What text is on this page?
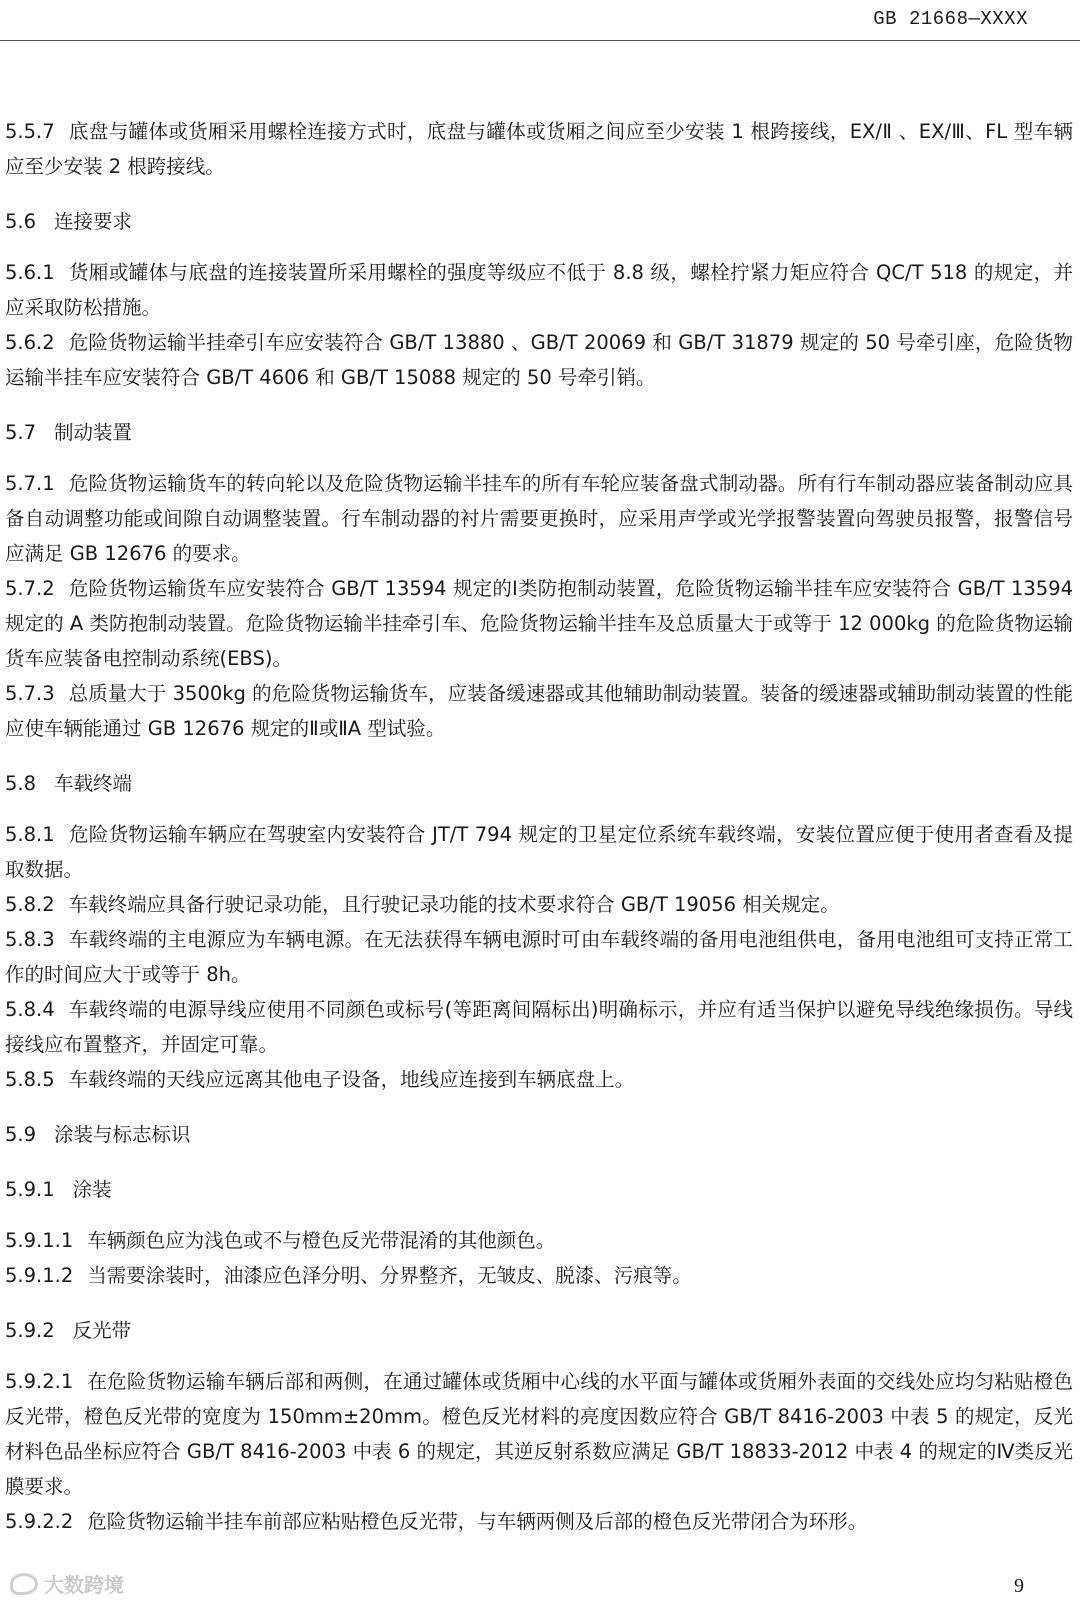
GB 21668—XXXX

5.5.7 底盘与罐体或货厢采用螺栓连接方式时，底盘与罐体或货厢之间应至少安装 1 根跨接线，EX/Ⅱ 、EX/Ⅲ、FL 型车辆应至少安装 2 根跨接线。

5.6 连接要求

5.6.1 货厢或罐体与底盘的连接装置所采用螺栓的强度等级应不低于 8.8 级，螺栓拧紧力矩应符合 QC/T 518 的规定，并应采取防松措施。

5.6.2 危险货物运输半挂牵引车应安装符合 GB/T 13880 、GB/T 20069 和 GB/T 31879 规定的 50 号牵引座，危险货物运输半挂车应安装符合 GB/T 4606 和 GB/T 15088 规定的 50 号牵引销。

5.7 制动装置

5.7.1 危险货物运输货车的转向轮以及危险货物运输半挂车的所有车轮应装备盘式制动器。所有行车制动器应装备制动应具备自动调整功能或间隙自动调整装置。行车制动器的衬片需要更换时，应采用声学或光学报警装置向驾驶员报警，报警信号应满足 GB 12676 的要求。

5.7.2 危险货物运输货车应安装符合 GB/T 13594 规定的Ⅰ类防抱制动装置，危险货物运输半挂车应安装符合 GB/T 13594 规定的 A 类防抱制动装置。危险货物运输半挂牵引车、危险货物运输半挂车及总质量大于或等于 12 000kg 的危险货物运输货车应装备电控制动系统(EBS)。

5.7.3 总质量大于 3500kg 的危险货物运输货车，应装备缓速器或其他辅助制动装置。装备的缓速器或辅助制动装置的性能应使车辆能通过 GB 12676 规定的Ⅱ或ⅡA 型试验。

5.8 车载终端

5.8.1 危险货物运输车辆应在驾驶室内安装符合 JT/T 794 规定的卫星定位系统车载终端，安装位置应便于使用者查看及提取数据。

5.8.2 车载终端应具备行驶记录功能，且行驶记录功能的技术要求符合 GB/T 19056 相关规定。

5.8.3 车载终端的主电源应为车辆电源。在无法获得车辆电源时可由车载终端的备用电池组供电，备用电池组可支持正常工作的时间应大于或等于 8h。

5.8.4 车载终端的电源导线应使用不同颜色或标号(等距离间隔标出)明确标示，并应有适当保护以避免导线绝缘损伤。导线接线应布置整齐，并固定可靠。

5.8.5 车载终端的天线应远离其他电子设备，地线应连接到车辆底盘上。

5.9 涂装与标志标识

5.9.1 涂装

5.9.1.1 车辆颜色应为浅色或不与橙色反光带混淆的其他颜色。

5.9.1.2 当需要涂装时，油漆应色泽分明、分界整齐，无皱皮、脱漆、污痕等。

5.9.2 反光带

5.9.2.1 在危险货物运输车辆后部和两侧，在通过罐体或货厢中心线的水平面与罐体或货厢外表面的交线处应均匀粘贴橙色反光带，橙色反光带的宽度为 150mm±20mm。橙色反光材料的亮度因数应符合 GB/T 8416-2003 中表 5 的规定，反光材料色品坐标应符合 GB/T 8416-2003 中表 6 的规定，其逆反射系数应满足 GB/T 18833-2012 中表 4 的规定的Ⅳ类反光膜要求。

5.9.2.2 危险货物运输半挂车前部应粘贴橙色反光带，与车辆两侧及后部的橙色反光带闭合为环形。

大数跨境	9
